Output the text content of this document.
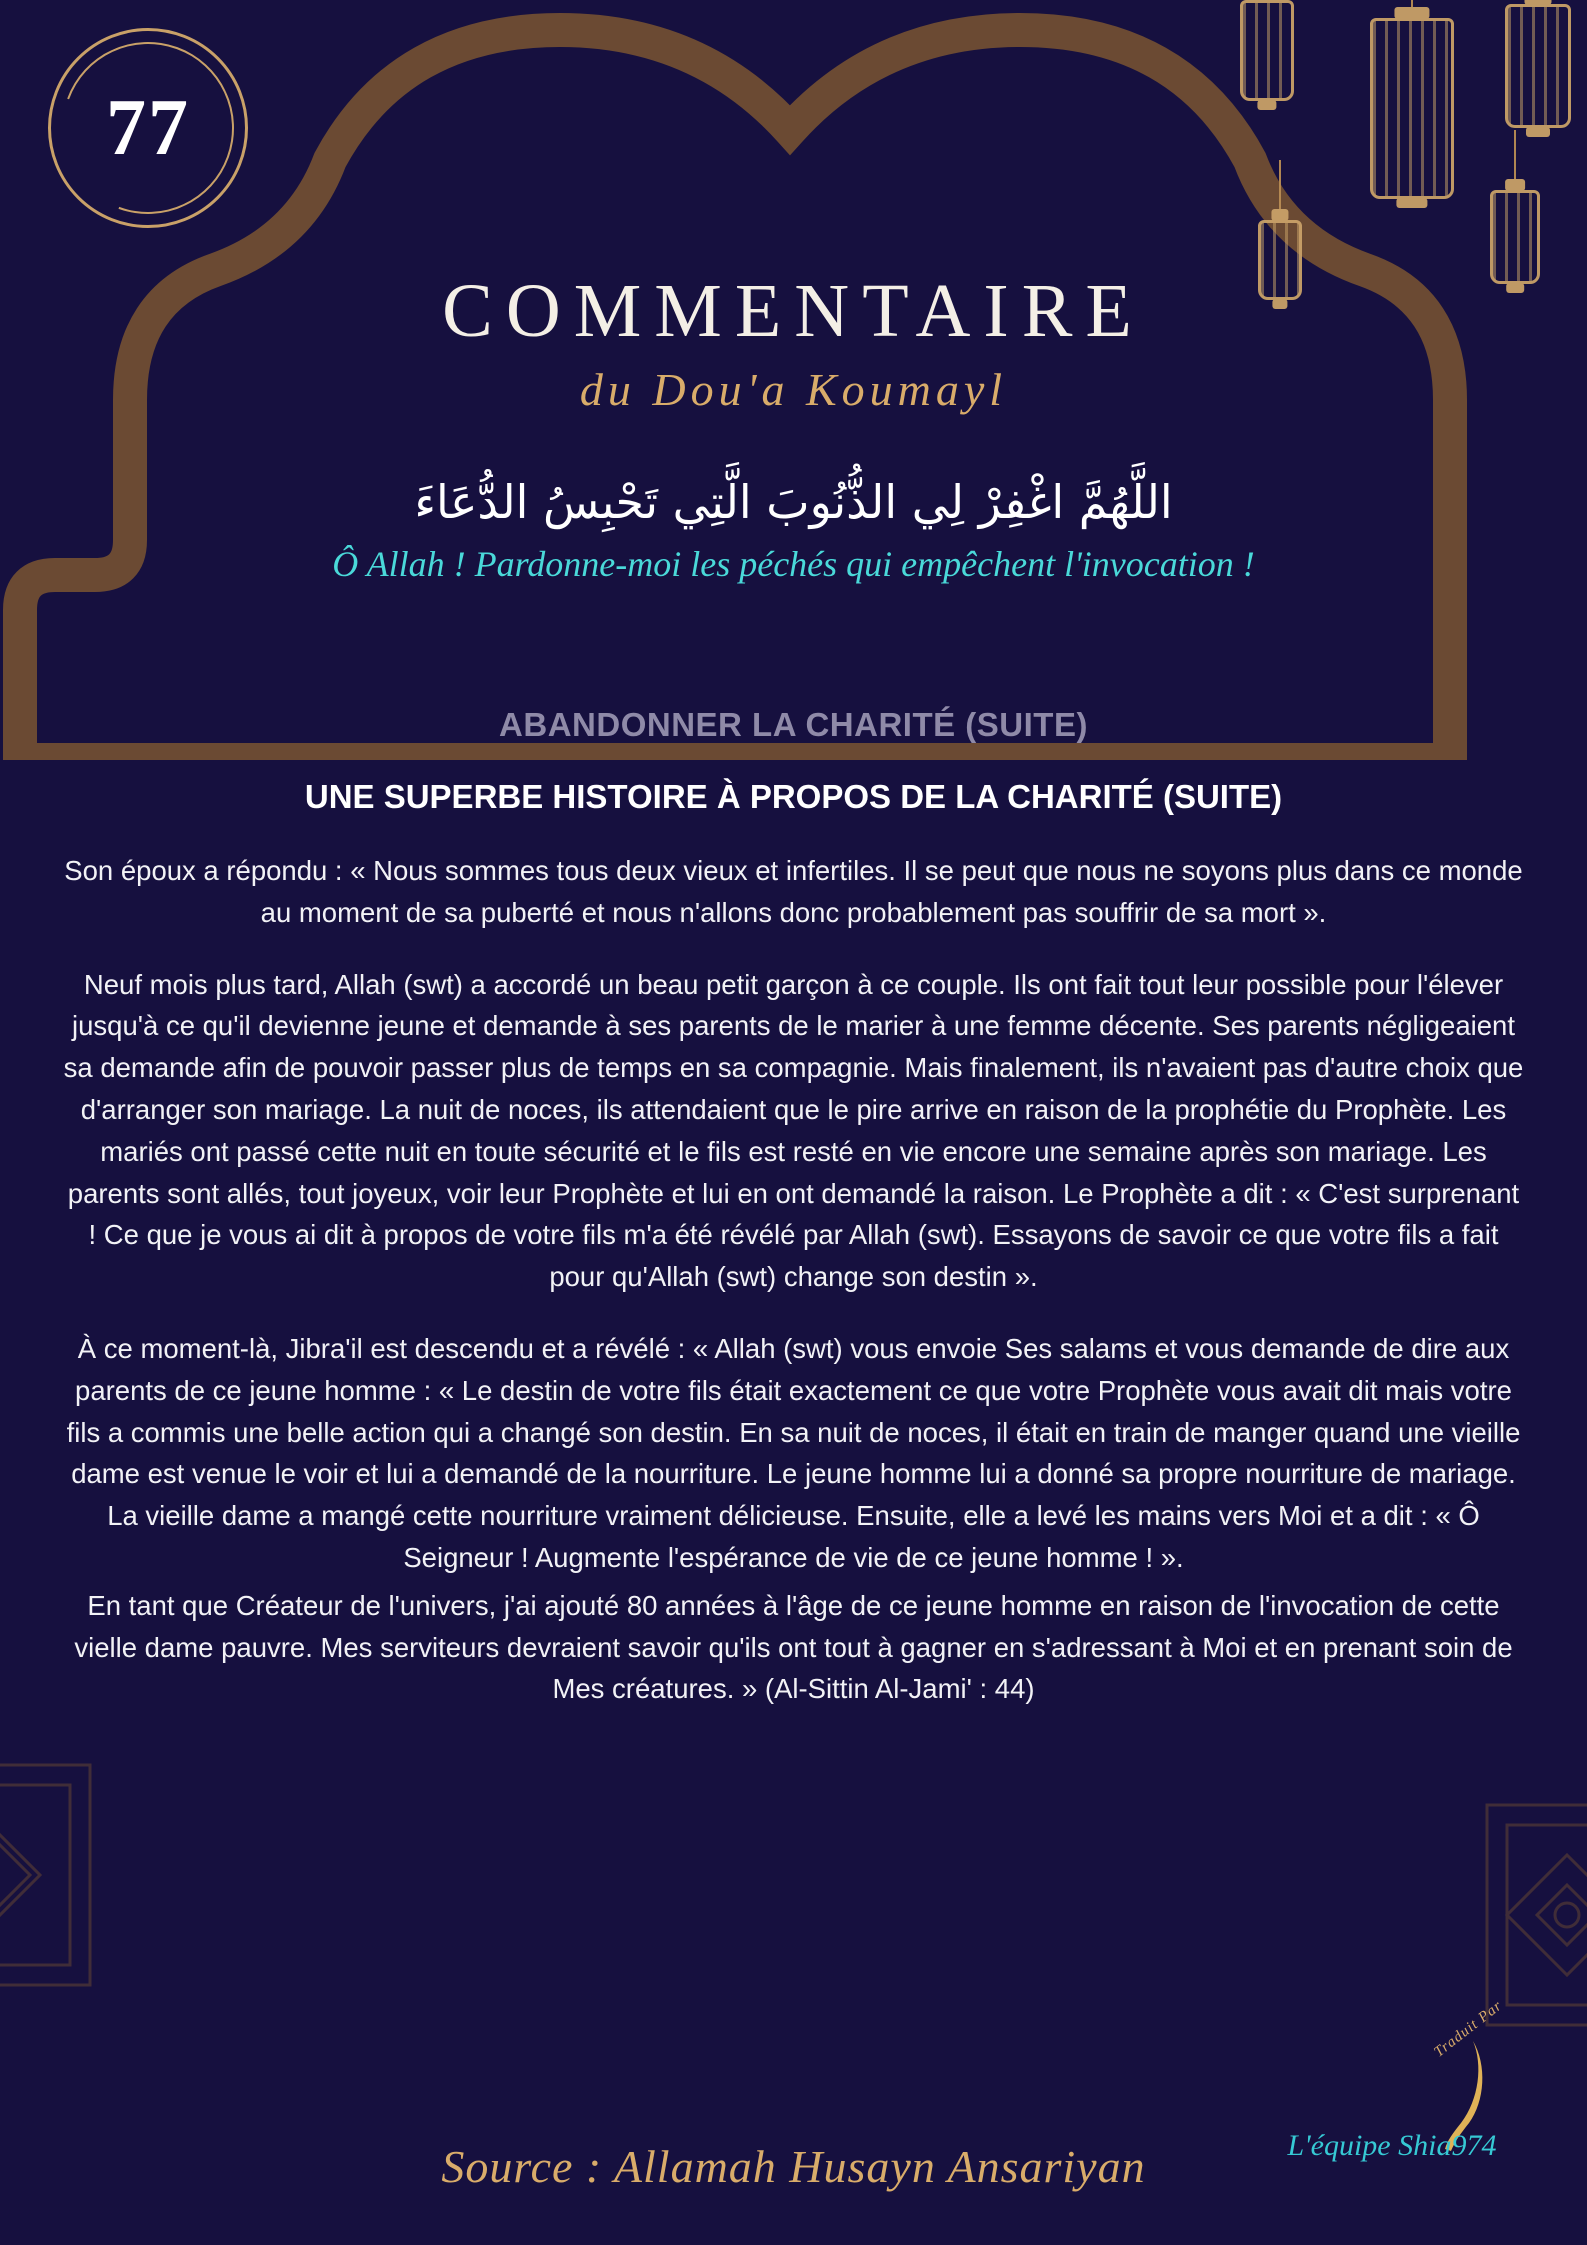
77
COMMENTAIRE
du Dou'a Koumayl
اللَّهُمَّ اغْفِرْ لِي الذُّنُوبَ الَّتِي تَحْبِسُ الدُّعَاءَ
Ô Allah ! Pardonne-moi les péchés qui empêchent l'invocation !
ABANDONNER LA CHARITÉ (SUITE)
UNE SUPERBE HISTOIRE À PROPOS DE LA CHARITÉ (SUITE)

Son époux a répondu : « Nous sommes tous deux vieux et infertiles. Il se peut que nous ne soyons plus dans ce monde au moment de sa puberté et nous n'allons donc probablement pas souffrir de sa mort ».

Neuf mois plus tard, Allah (swt) a accordé un beau petit garçon à ce couple. Ils ont fait tout leur possible pour l'élever jusqu'à ce qu'il devienne jeune et demande à ses parents de le marier à une femme décente. Ses parents négligeaient sa demande afin de pouvoir passer plus de temps en sa compagnie. Mais finalement, ils n'avaient pas d'autre choix que d'arranger son mariage. La nuit de noces, ils attendaient que le pire arrive en raison de la prophétie du Prophète. Les mariés ont passé cette nuit en toute sécurité et le fils est resté en vie encore une semaine après son mariage. Les parents sont allés, tout joyeux, voir leur Prophète et lui en ont demandé la raison. Le Prophète a dit : « C'est surprenant ! Ce que je vous ai dit à propos de votre fils m'a été révélé par Allah (swt). Essayons de savoir ce que votre fils a fait pour qu'Allah (swt) change son destin ».

À ce moment-là, Jibra'il est descendu et a révélé : « Allah (swt) vous envoie Ses salams et vous demande de dire aux parents de ce jeune homme : « Le destin de votre fils était exactement ce que votre Prophète vous avait dit mais votre fils a commis une belle action qui a changé son destin. En sa nuit de noces, il était en train de manger quand une vieille dame est venue le voir et lui a demandé de la nourriture. Le jeune homme lui a donné sa propre nourriture de mariage. La vieille dame a mangé cette nourriture vraiment délicieuse. Ensuite, elle a levé les mains vers Moi et a dit : « Ô Seigneur ! Augmente l'espérance de vie de ce jeune homme ! ».

En tant que Créateur de l'univers, j'ai ajouté 80 années à l'âge de ce jeune homme en raison de l'invocation de cette vielle dame pauvre. Mes serviteurs devraient savoir qu'ils ont tout à gagner en s'adressant à Moi et en prenant soin de Mes créatures. » (Al-Sittin Al-Jami' : 44)

Source : Allamah Husayn Ansariyan
Traduit Par
L'équipe Shia974
